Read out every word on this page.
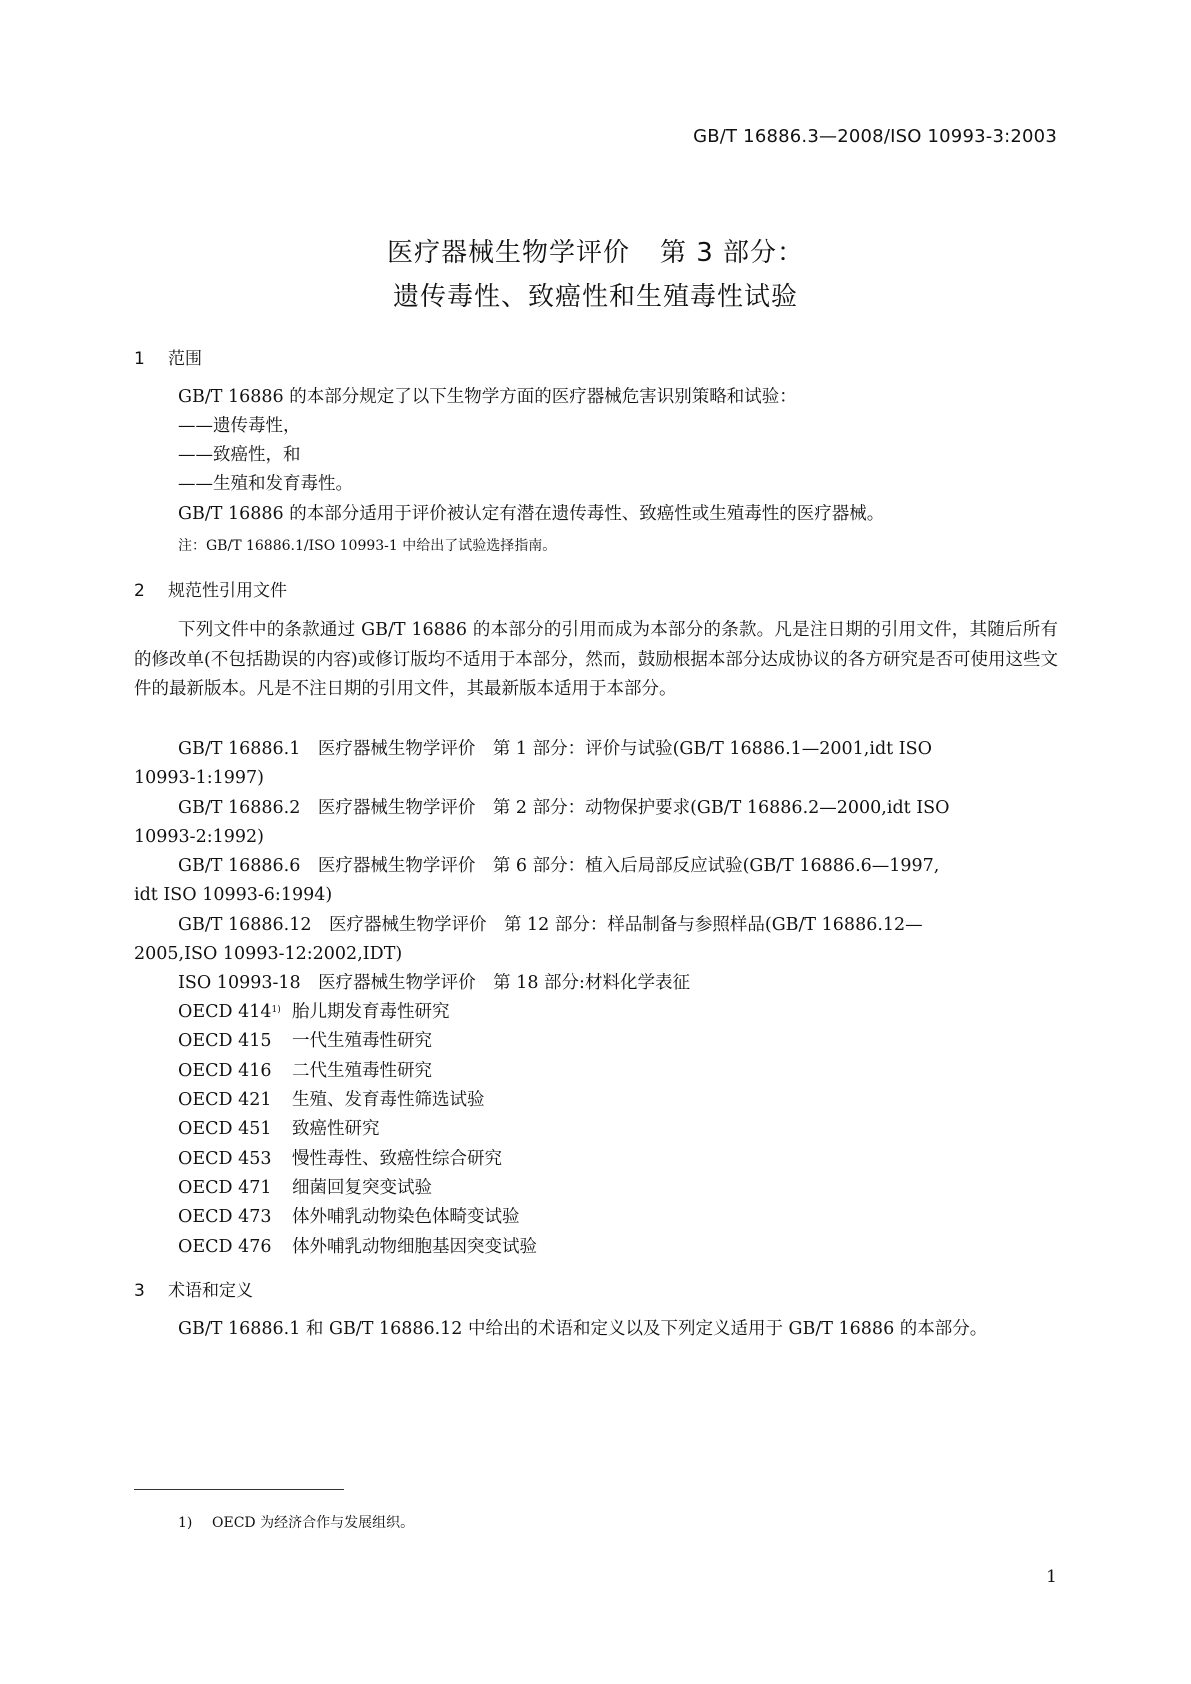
GB/T 16886.3—2008/ISO 10993-3:2003
医疗器械生物学评价 第 3 部分：
遗传毒性、致癌性和生殖毒性试验
1 范围
GB/T 16886 的本部分规定了以下生物学方面的医疗器械危害识别策略和试验：
——遗传毒性，
——致癌性，和
——生殖和发育毒性。
GB/T 16886 的本部分适用于评价被认定有潜在遗传毒性、致癌性或生殖毒性的医疗器械。
注：GB/T 16886.1/ISO 10993-1 中给出了试验选择指南。
2 规范性引用文件
下列文件中的条款通过 GB/T 16886 的本部分的引用而成为本部分的条款。凡是注日期的引用文件，其随后所有的修改单(不包括勘误的内容)或修订版均不适用于本部分，然而，鼓励根据本部分达成协议的各方研究是否可使用这些文件的最新版本。凡是不注日期的引用文件，其最新版本适用于本部分。
GB/T 16886.1　医疗器械生物学评价　第 1 部分：评价与试验(GB/T 16886.1—2001,idt ISO
10993-1:1997)
GB/T 16886.2　医疗器械生物学评价　第 2 部分：动物保护要求(GB/T 16886.2—2000,idt ISO
10993-2:1992)
GB/T 16886.6　医疗器械生物学评价　第 6 部分：植入后局部反应试验(GB/T 16886.6—1997,
idt ISO 10993-6:1994)
GB/T 16886.12　医疗器械生物学评价　第 12 部分：样品制备与参照样品(GB/T 16886.12—
2005,ISO 10993-12:2002,IDT)
ISO 10993-18　医疗器械生物学评价　第 18 部分:材料化学表征
OECD 414$^{1)}$ 胎儿期发育毒性研究
OECD 415 一代生殖毒性研究
OECD 416 二代生殖毒性研究
OECD 421 生殖、发育毒性筛选试验
OECD 451 致癌性研究
OECD 453 慢性毒性、致癌性综合研究
OECD 471 细菌回复突变试验
OECD 473 体外哺乳动物染色体畸变试验
OECD 476 体外哺乳动物细胞基因突变试验
3 术语和定义
GB/T 16886.1 和 GB/T 16886.12 中给出的术语和定义以及下列定义适用于 GB/T 16886 的本部分。
1) OECD 为经济合作与发展组织。
1
